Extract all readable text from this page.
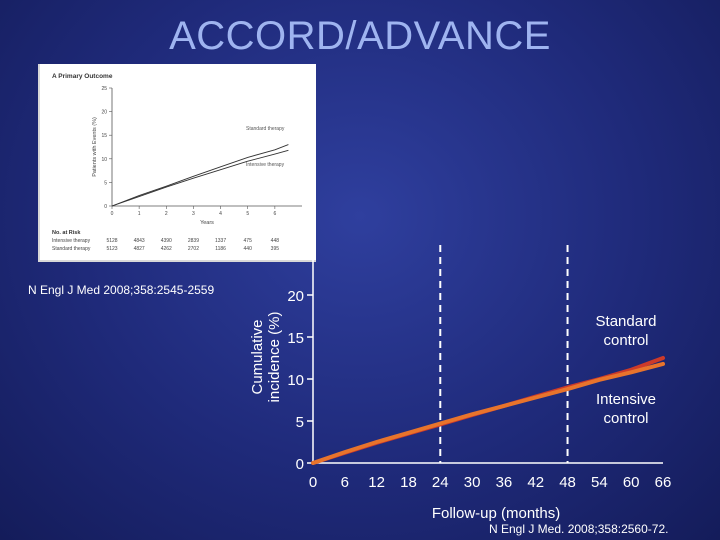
ACCORD/ADVANCE
A Primary Outcome
0
5
10
15
20
25
0	1	2	3	4	5	6
Years
Patients with Events (%)	Standard therapy
Intensive therapy
No. at Risk
Intensive therapy	5128	4843	4390	2839	1337	475	448
Standard therapy	5123	4827	4262	2702	1186	440	395
N Engl J Med 2008;358:2545-2559
0
5
10
15
20
0 6 12 18 24 30 36 42 48 54 60 66
Follow-up (months)
Cumulativeincidence (%)	Standard control
Intensive control
N Engl J Med. 2008;358:2560-72.
